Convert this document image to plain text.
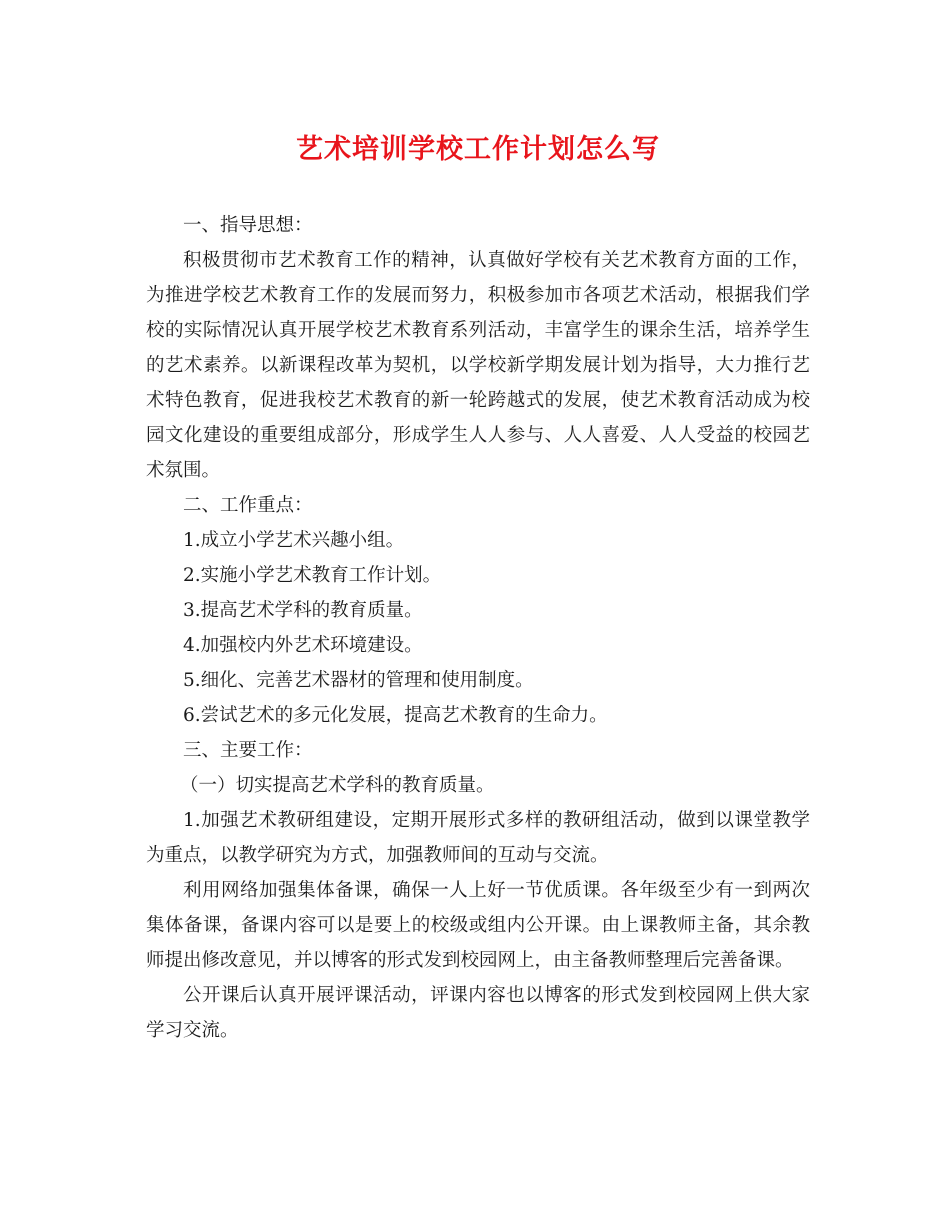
艺术培训学校工作计划怎么写

一、指导思想：

积极贯彻市艺术教育工作的精神，认真做好学校有关艺术教育方面的工作，为推进学校艺术教育工作的发展而努力，积极参加市各项艺术活动，根据我们学校的实际情况认真开展学校艺术教育系列活动，丰富学生的课余生活，培养学生的艺术素养。以新课程改革为契机，以学校新学期发展计划为指导，大力推行艺术特色教育，促进我校艺术教育的新一轮跨越式的发展，使艺术教育活动成为校园文化建设的重要组成部分，形成学生人人参与、人人喜爱、人人受益的校园艺术氛围。

二、工作重点：

1.成立小学艺术兴趣小组。

2.实施小学艺术教育工作计划。

3.提高艺术学科的教育质量。

4.加强校内外艺术环境建设。

5.细化、完善艺术器材的管理和使用制度。

6.尝试艺术的多元化发展，提高艺术教育的生命力。

三、主要工作：

（一）切实提高艺术学科的教育质量。

1.加强艺术教研组建设，定期开展形式多样的教研组活动，做到以课堂教学为重点，以教学研究为方式，加强教师间的互动与交流。

利用网络加强集体备课，确保一人上好一节优质课。各年级至少有一到两次集体备课，备课内容可以是要上的校级或组内公开课。由上课教师主备，其余教师提出修改意见，并以博客的形式发到校园网上，由主备教师整理后完善备课。

公开课后认真开展评课活动，评课内容也以博客的形式发到校园网上供大家学习交流。
